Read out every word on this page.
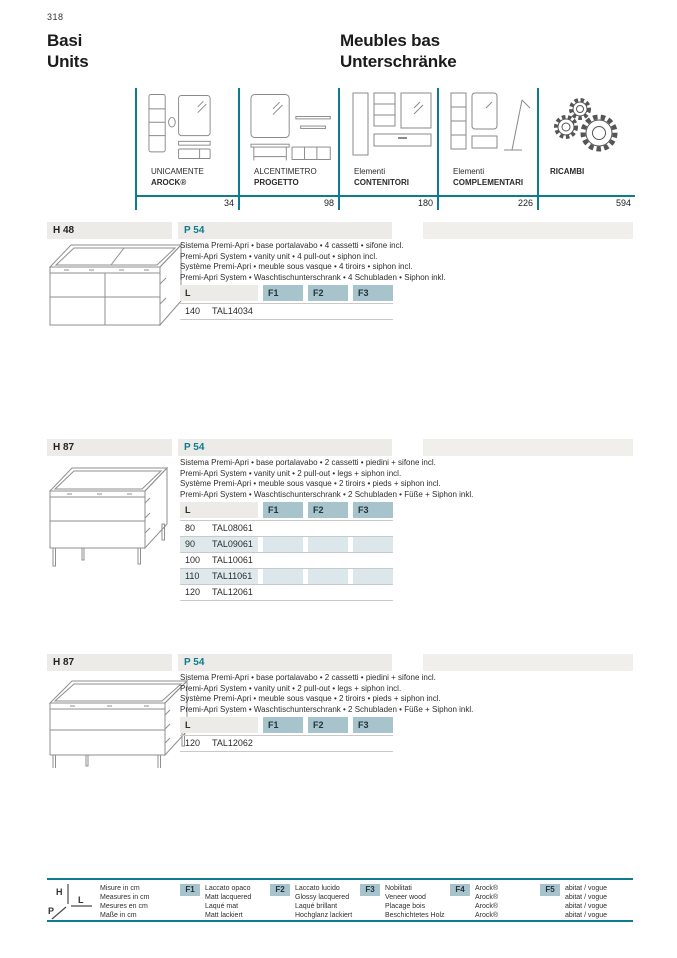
318
Basi
Units
Meubles bas
Unterschränke
UNICAMENTE
AROCK®
34
ALCENTIMETRO
PROGETTO
98
Elementi
CONTENITORI
180
Elementi
COMPLEMENTARI
226
RICAMBI
594
H 48	P 54
Sistema Premi-Apri • base portalavabo • 4 cassetti • sifone incl.
Premi-Apri System • vanity unit • 4 pull-out • siphon incl.
Système Premi-Apri • meuble sous vasque • 4 tiroirs • siphon incl.
Premi-Apri System • Waschtischunterschrank • 4 Schubladen • Siphon inkl.
L	F1	F2	F3
140 TAL14034
H 87	P 54
Sistema Premi-Apri • base portalavabo • 2 cassetti • piedini + sifone incl.
Premi-Apri System • vanity unit • 2 pull-out • legs + siphon incl.
Système Premi-Apri • meuble sous vasque • 2 tiroirs • pieds + siphon incl.
Premi-Apri System • Waschtischunterschrank • 2 Schubladen • Füße + Siphon inkl.
L	F1	F2	F3
80 TAL08061
90 TAL09061
100 TAL10061
110 TAL11061
120 TAL12061
H 87	P 54
Sistema Premi-Apri • base portalavabo • 2 cassetti • piedini + sifone incl.
Premi-Apri System • vanity unit • 2 pull-out • legs + siphon incl.
Système Premi-Apri • meuble sous vasque • 2 tiroirs • pieds + siphon incl.
Premi-Apri System • Waschtischunterschrank • 2 Schubladen • Füße + Siphon inkl.
L	F1	F2	F3
120 TAL12062
H
L
P
Misure in cm
Measures in cm
Mesures en cm
Maße in cm
F1	Laccato opaco
Matt lacquered
Laqué mat
Matt lackiert
F2	Laccato lucido
Glossy lacquered
Laqué brillant
Hochglanz lackiert
F3	Nobilitati
Veneer wood
Placage bois
Beschichtetes Holz
F4	Arock®
Arock®
Arock®
Arock®
F5	abitat / vogue
abitat / vogue
abitat / vogue
abitat / vogue
